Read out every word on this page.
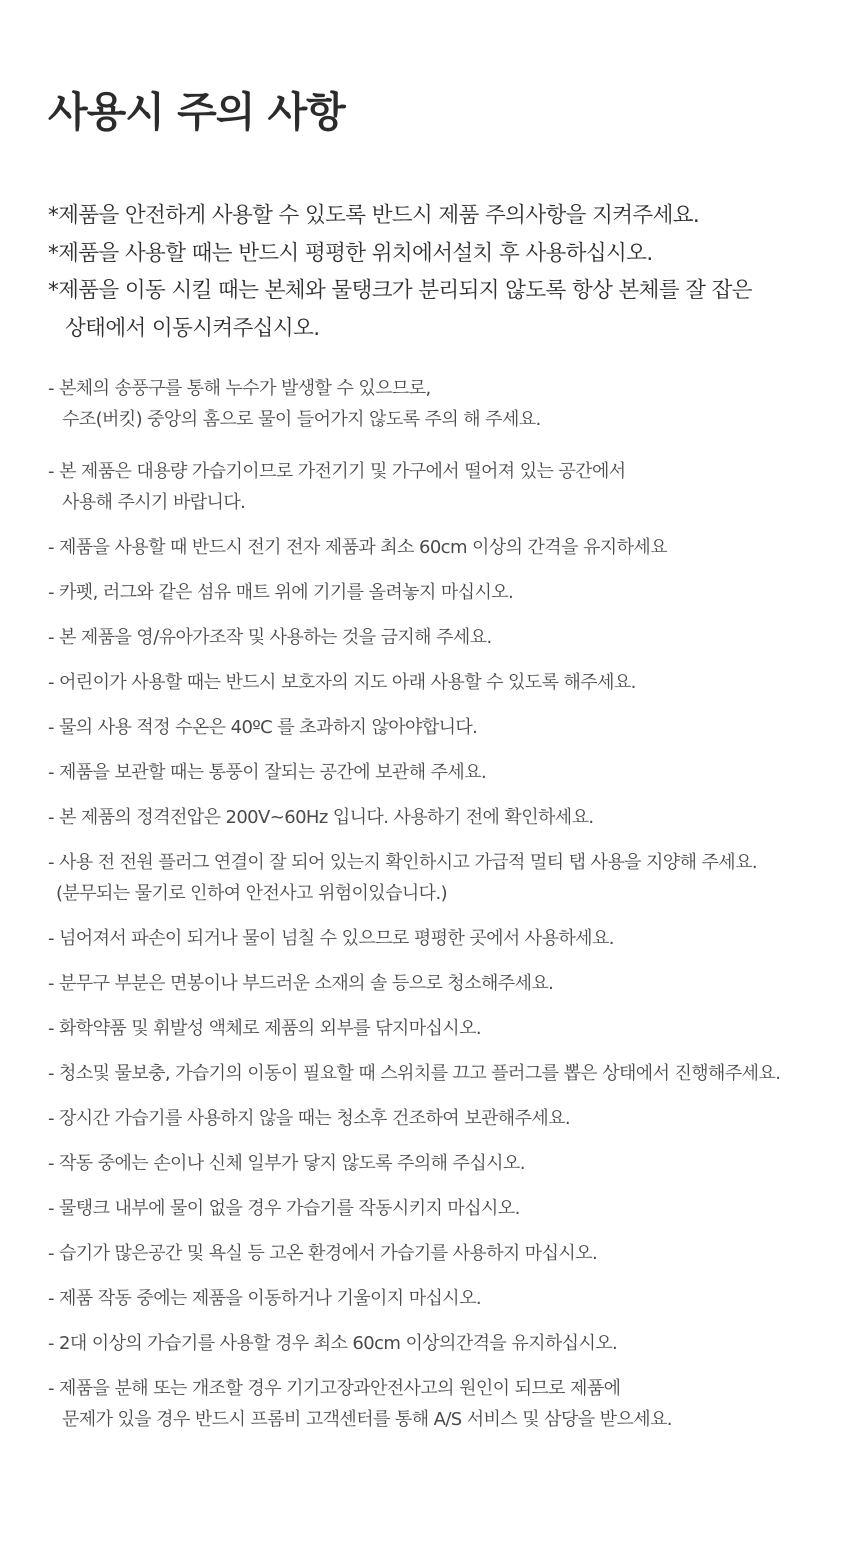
사용시 주의 사항
*제품을 안전하게 사용할 수 있도록 반드시 제품 주의사항을 지켜주세요.
*제품을 사용할 때는 반드시 평평한 위치에서설치 후 사용하십시오.
*제품을 이동 시킬 때는 본체와 물탱크가 분리되지 않도록 항상 본체를 잘 잡은
상태에서 이동시켜주십시오.
- 본체의 송풍구를 통해 누수가 발생할 수 있으므로,
수조(버킷) 중앙의 홈으로 물이 들어가지 않도록 주의 해 주세요.
- 본 제품은 대용량 가습기이므로 가전기기 및 가구에서 떨어져 있는 공간에서
사용해 주시기 바랍니다.
- 제품을 사용할 때 반드시 전기 전자 제품과 최소 60cm 이상의 간격을 유지하세요
- 카펫, 러그와 같은 섬유 매트 위에 기기를 올려놓지 마십시오.
- 본 제품을 영/유아가조작 및 사용하는 것을 금지해 주세요.
- 어린이가 사용할 때는 반드시 보호자의 지도 아래 사용할 수 있도록 해주세요.
- 물의 사용 적정 수온은 40ºC 를 초과하지 않아야합니다.
- 제품을 보관할 때는 통풍이 잘되는 공간에 보관해 주세요.
- 본 제품의 정격전압은 200V~60Hz 입니다. 사용하기 전에 확인하세요.
- 사용 전 전원 플러그 연결이 잘 되어 있는지 확인하시고 가급적 멀티 탭 사용을 지양해 주세요.
(분무되는 물기로 인하여 안전사고 위험이있습니다.)
- 넘어져서 파손이 되거나 물이 넘칠 수 있으므로 평평한 곳에서 사용하세요.
- 분무구 부분은 면봉이나 부드러운 소재의 솔 등으로 청소해주세요.
- 화학약품 및 휘발성 액체로 제품의 외부를 닦지마십시오.
- 청소및 물보충, 가습기의 이동이 필요할 때 스위치를 끄고 플러그를 뽑은 상태에서 진행해주세요.
- 장시간 가습기를 사용하지 않을 때는 청소후 건조하여 보관해주세요.
- 작동 중에는 손이나 신체 일부가 닿지 않도록 주의해 주십시오.
- 물탱크 내부에 물이 없을 경우 가습기를 작동시키지 마십시오.
- 습기가 많은공간 및 욕실 등 고온 환경에서 가습기를 사용하지 마십시오.
- 제품 작동 중에는 제품을 이동하거나 기울이지 마십시오.
- 2대 이상의 가습기를 사용할 경우 최소 60cm 이상의간격을 유지하십시오.
- 제품을 분해 또는 개조할 경우 기기고장과안전사고의 원인이 되므로 제품에
문제가 있을 경우 반드시 프롬비 고객센터를 통해 A/S 서비스 및 삼당을 받으세요.
